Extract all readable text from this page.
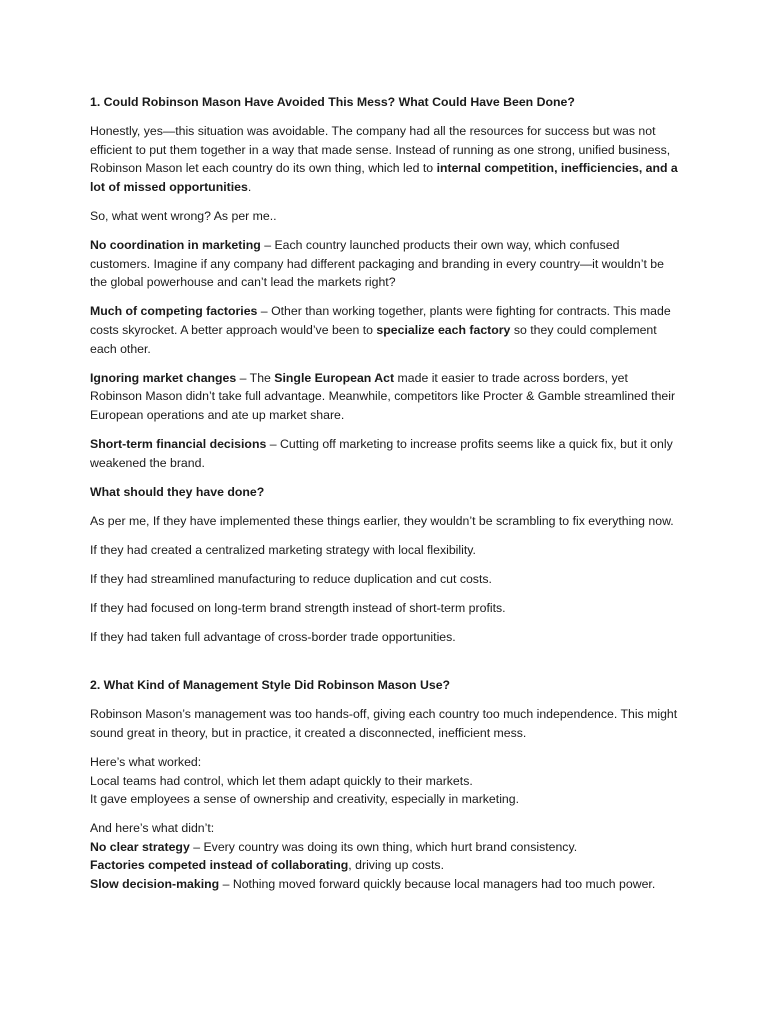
1. Could Robinson Mason Have Avoided This Mess? What Could Have Been Done?
Honestly, yes—this situation was avoidable. The company had all the resources for success but was not efficient to put them together in a way that made sense. Instead of running as one strong, unified business, Robinson Mason let each country do its own thing, which led to internal competition, inefficiencies, and a lot of missed opportunities.
So, what went wrong? As per me..
No coordination in marketing – Each country launched products their own way, which confused customers. Imagine if any company had different packaging and branding in every country—it wouldn’t be the global powerhouse and can’t lead the markets right?
Much of competing factories – Other than working together, plants were fighting for contracts. This made costs skyrocket. A better approach would’ve been to specialize each factory so they could complement each other.
Ignoring market changes – The Single European Act made it easier to trade across borders, yet Robinson Mason didn’t take full advantage. Meanwhile, competitors like Procter & Gamble streamlined their European operations and ate up market share.
Short-term financial decisions – Cutting off marketing to increase profits seems like a quick fix, but it only weakened the brand.
What should they have done?
As per me, If they have implemented these things earlier, they wouldn’t be scrambling to fix everything now.
If they had created a centralized marketing strategy with local flexibility.
If they had streamlined manufacturing to reduce duplication and cut costs.
If they had focused on long-term brand strength instead of short-term profits.
If they had taken full advantage of cross-border trade opportunities.
2. What Kind of Management Style Did Robinson Mason Use?
Robinson Mason’s management was too hands-off, giving each country too much independence. This might sound great in theory, but in practice, it created a disconnected, inefficient mess.
Here’s what worked:
Local teams had control, which let them adapt quickly to their markets.
It gave employees a sense of ownership and creativity, especially in marketing.
And here’s what didn’t:
No clear strategy – Every country was doing its own thing, which hurt brand consistency.
Factories competed instead of collaborating, driving up costs.
Slow decision-making – Nothing moved forward quickly because local managers had too much power.
